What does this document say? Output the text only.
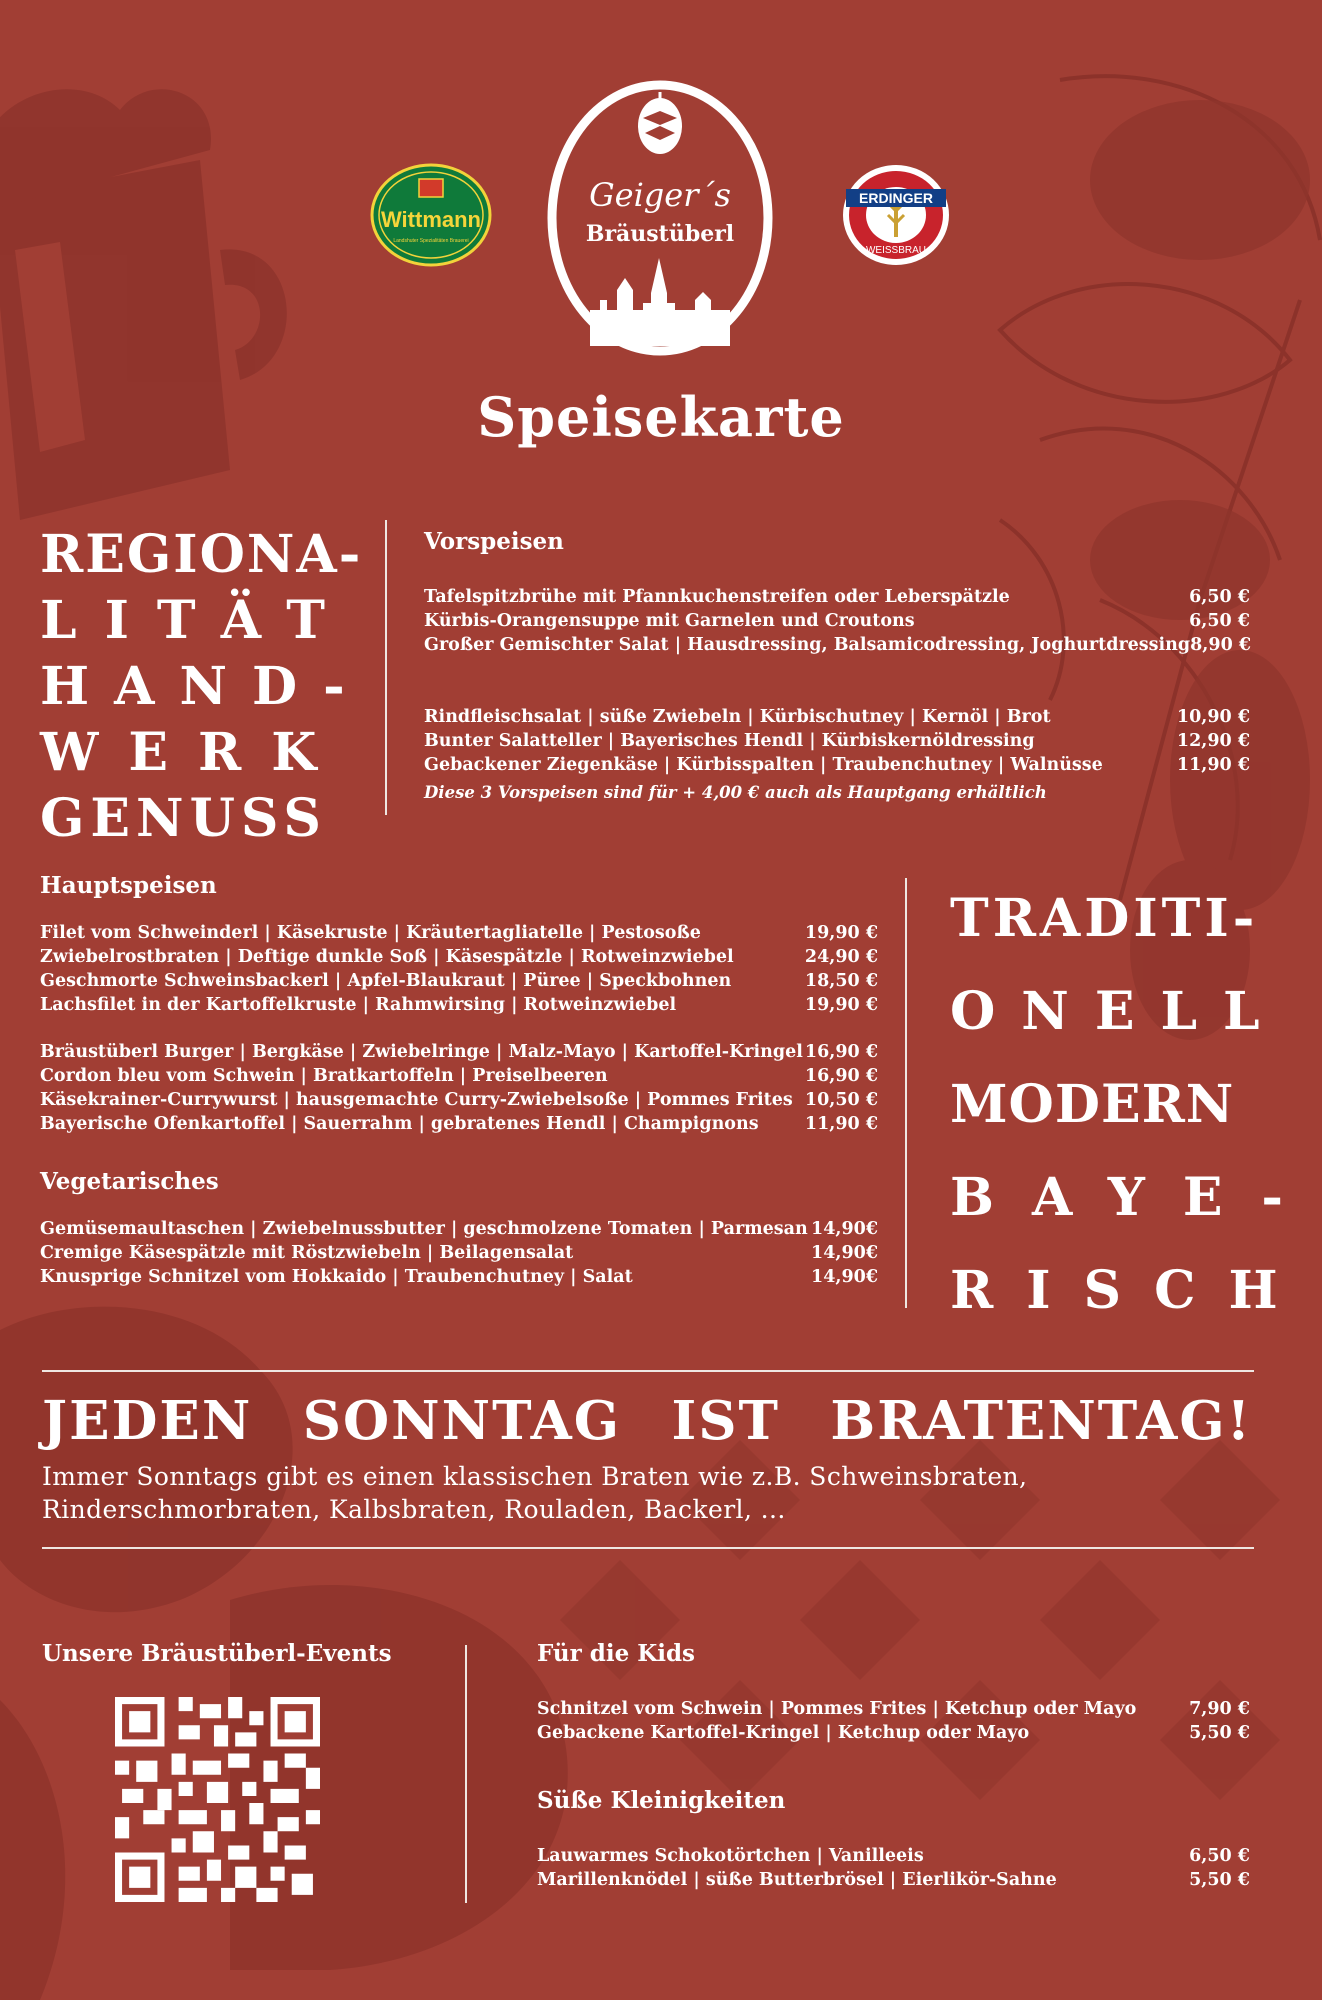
Wittmann
Landshuter Spezialitäten Brauerei
Geiger´s
Bräustüberl
ERDINGER
WEISSBRAU
Speisekarte
REGIONA-
LITÄT
HAND-
WERK
GENUSS
Vorspeisen
Tafelspitzbrühe mit Pfannkuchenstreifen oder Leberspätzle	6,50 €
Kürbis-Orangensuppe mit Garnelen und Croutons	6,50 €
Großer Gemischter Salat | Hausdressing, Balsamicodressing, Joghurtdressing 8,90 €
Rindfleischsalat | süße Zwiebeln | Kürbischutney | Kernöl | Brot	10,90 €
Bunter Salatteller | Bayerisches Hendl | Kürbiskernöldressing	12,90 €
Gebackener Ziegenkäse | Kürbisspalten | Traubenchutney | Walnüsse	11,90 €
Diese 3 Vorspeisen sind für + 4,00 € auch als Hauptgang erhältlich
Hauptspeisen
Filet vom Schweinderl | Käsekruste | Kräutertagliatelle | Pestosoße	19,90 €
Zwiebelrostbraten | Deftige dunkle Soß | Käsespätzle | Rotweinzwiebel	24,90 €
Geschmorte Schweinsbackerl | Apfel-Blaukraut | Püree | Speckbohnen	18,50 €
Lachsfilet in der Kartoffelkruste | Rahmwirsing | Rotweinzwiebel	19,90 €
Bräustüberl Burger | Bergkäse | Zwiebelringe | Malz-Mayo | Kartoffel-Kringel 16,90 €
Cordon bleu vom Schwein | Bratkartoffeln | Preiselbeeren	16,90 €
Käsekrainer-Currywurst | hausgemachte Curry-Zwiebelsoße | Pommes Frites 10,50 €
Bayerische Ofenkartoffel | Sauerrahm | gebratenes Hendl | Champignons	11,90 €
Vegetarisches
Gemüsemaultaschen | Zwiebelnussbutter | geschmolzene Tomaten | Parmesan 14,90€
Cremige Käsespätzle mit Röstzwiebeln | Beilagensalat	14,90€
Knusprige Schnitzel vom Hokkaido | Traubenchutney | Salat	14,90€
TRADITI-
ONELL
MODERN
BAYE-
RISCH
JEDEN SONNTAG IST BRATENTAG!
Immer Sonntags gibt es einen klassischen Braten wie z.B. Schweinsbraten, Rinderschmorbraten, Kalbsbraten, Rouladen, Backerl, ...
Unsere Bräustüberl-Events	Für die Kids
Schnitzel vom Schwein | Pommes Frites | Ketchup oder Mayo	7,90 €
Gebackene Kartoffel-Kringel | Ketchup oder Mayo	5,50 €
Süße Kleinigkeiten
Lauwarmes Schokotörtchen | Vanilleeis	6,50 €
Marillenknödel | süße Butterbrösel | Eierlikör-Sahne	5,50 €
